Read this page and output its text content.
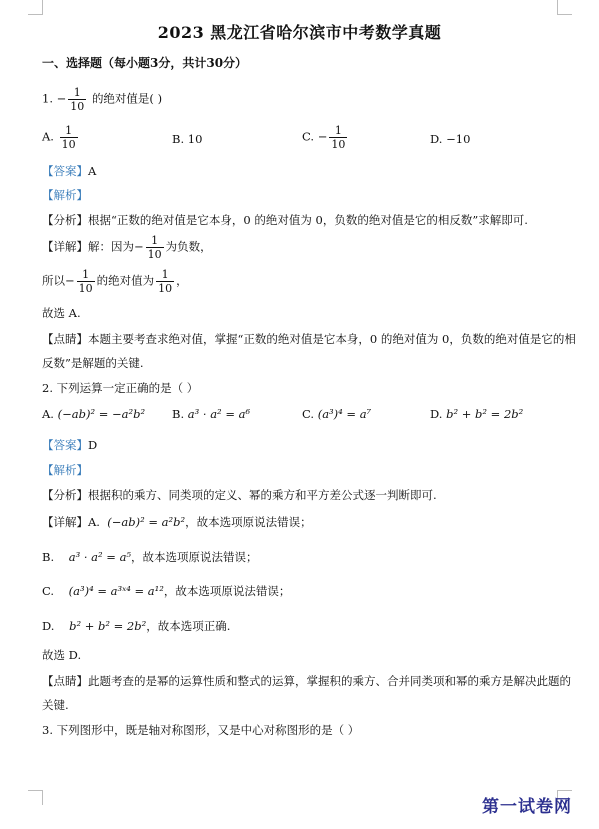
2023 黑龙江省哈尔滨市中考数学真题
一、选择题（每小题3分，共计30分）
1. − $\frac{1}{10}$ 的绝对值是( )
A. $\frac{1}{10}$	B. 10	C. − $\frac{1}{10}$	D. −10
【答案】A
【解析】
【分析】根据“正数的绝对值是它本身，0 的绝对值为 0，负数的绝对值是它的相反数”求解即可.
【详解】解：因为− $\frac{1}{10}$ 为负数，
所以− $\frac{1}{10}$ 的绝对值为 $\frac{1}{10}$ ，
故选 A.
【点睛】本题主要考查求绝对值，掌握“正数的绝对值是它本身，0 的绝对值为 0，负数的绝对值是它的相
反数”是解题的关键.
2. 下列运算一定正确的是（ ）
A. (−ab)² = −a²b² B. a³ · a² = a⁶	C. (a³)⁴ = a⁷	D. b² + b² = 2b²
【答案】D
【解析】
【分析】根据积的乘方、同类项的定义、幂的乘方和平方差公式逐一判断即可.
【详解】A. (−ab)² = a²b²，故本选项原说法错误；
B. a³ · a² = a⁵，故本选项原说法错误；
C. (a³)⁴ = a³ˣ⁴ = a¹²，故本选项原说法错误；
D. b² + b² = 2b²，故本选项正确.
故选 D.
【点睛】此题考查的是幂的运算性质和整式的运算，掌握积的乘方、合并同类项和幂的乘方是解决此题的
关键.
3. 下列图形中，既是轴对称图形，又是中心对称图形的是（ ）
第一试卷网
